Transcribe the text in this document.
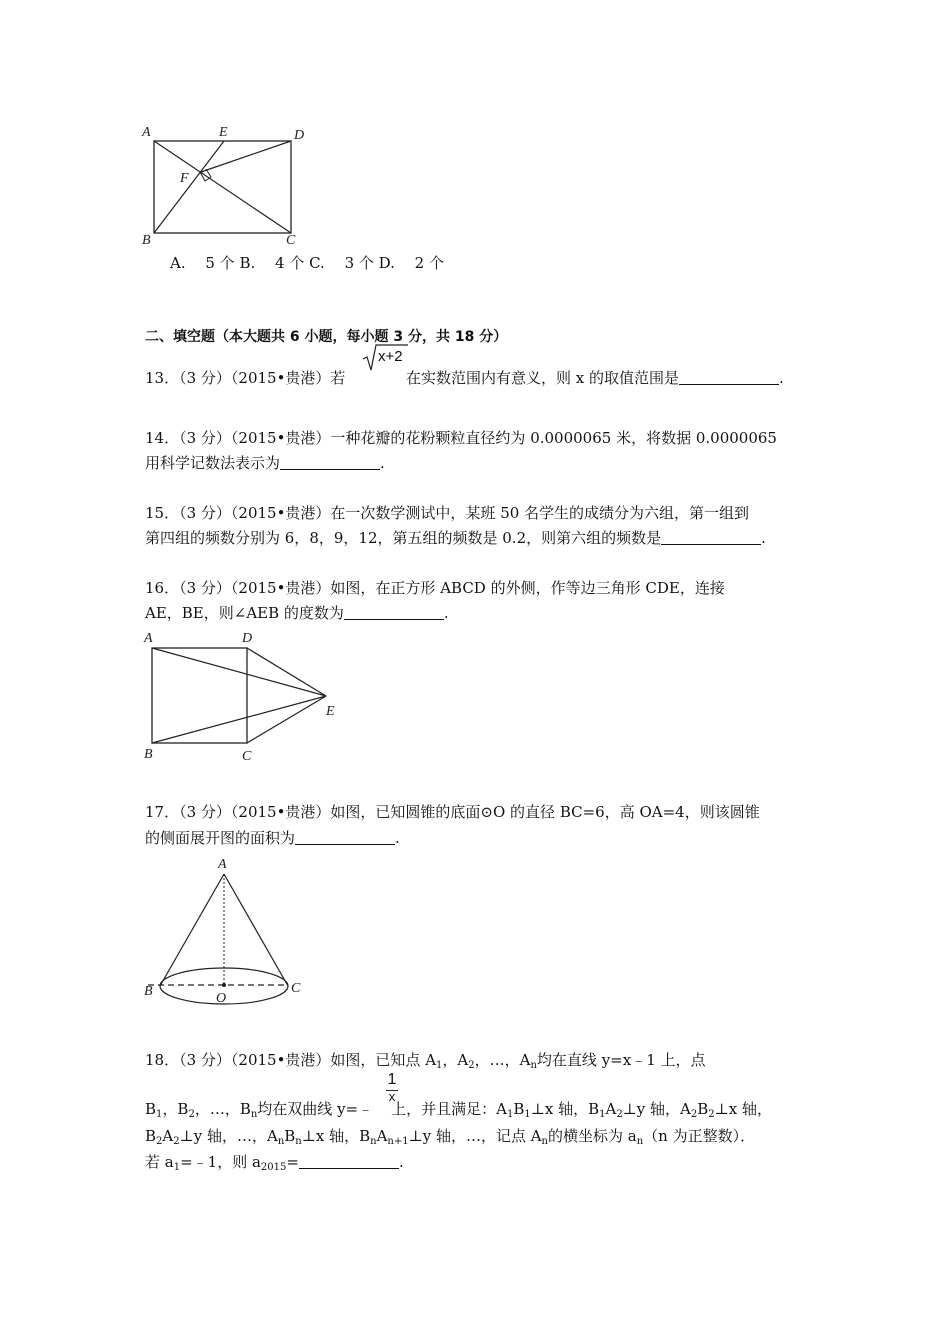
A	E	D
F
B	C
A.　 5 个 B.　 4 个 C.　 3 个 D.　 2 个
二、填空题（本大题共 6 小题，每小题 3 分，共 18 分）
13．（3 分）（2015•贵港）若
x+2
在实数范围内有意义，则 x 的取值范围是	.
14．（3 分）（2015•贵港）一种花瓣的花粉颗粒直径约为 0.0000065 米，将数据 0.0000065
用科学记数法表示为	.
15．（3 分）（2015•贵港）在一次数学测试中，某班 50 名学生的成绩分为六组，第一组到
第四组的频数分别为 6，8，9，12，第五组的频数是 0.2，则第六组的频数是	.
16．（3 分）（2015•贵港）如图，在正方形 ABCD 的外侧，作等边三角形 CDE，连接
AE，BE，则∠AEB 的度数为	.
A	D
E
B	C
17．（3 分）（2015•贵港）如图，已知圆锥的底面⊙O 的直径 BC=6，高 OA=4，则该圆锥
的侧面展开图的面积为	.
A
B	O
C
18．（3 分）（2015•贵港）如图，已知点 $A_1$，$A_2$，…，$A_n$均在直线 y=x﹣1 上，点
1
x
$B_1$，$B_2$，…，$B_n$均在双曲线 y=﹣ 上，并且满足：$A_1B_1\perp x$ 轴，$B_1A_2\perp y$ 轴，$A_2B_2\perp x$ 轴，
$B_2A_2\perp y$ 轴，…，$A_nB_n\perp x$ 轴，$B_nA_{n+1}\perp y$ 轴，…，记点 $A_n$的横坐标为 $a_n(n$ 为正整数）．
若 $a_1=﹣1$，则 $a_{2015}=$	.
